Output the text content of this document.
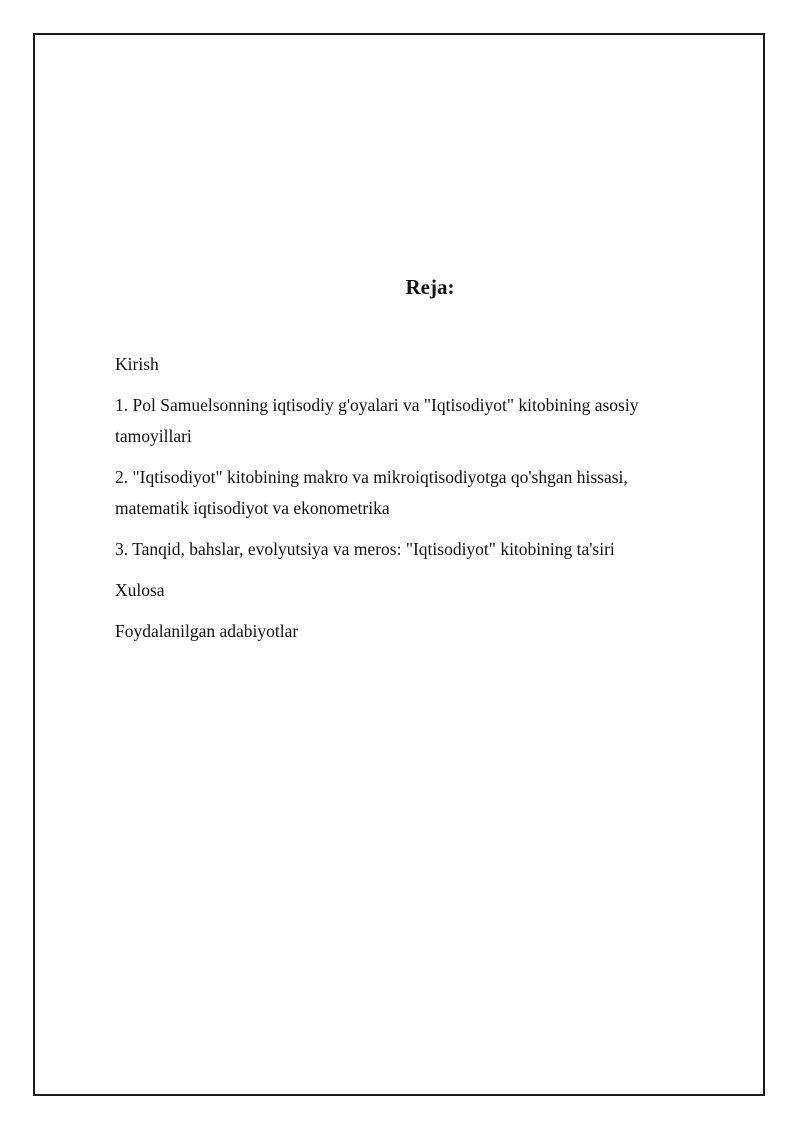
Reja:

Kirish

1. Pol Samuelsonning iqtisodiy g'oyalari va "Iqtisodiyot" kitobining asosiy tamoyillari

2. "Iqtisodiyot" kitobining makro va mikroiqtisodiyotga qo'shgan hissasi, matematik iqtisodiyot va ekonometrika

3. Tanqid, bahslar, evolyutsiya va meros: "Iqtisodiyot" kitobining ta'siri

Xulosa

Foydalanilgan adabiyotlar
